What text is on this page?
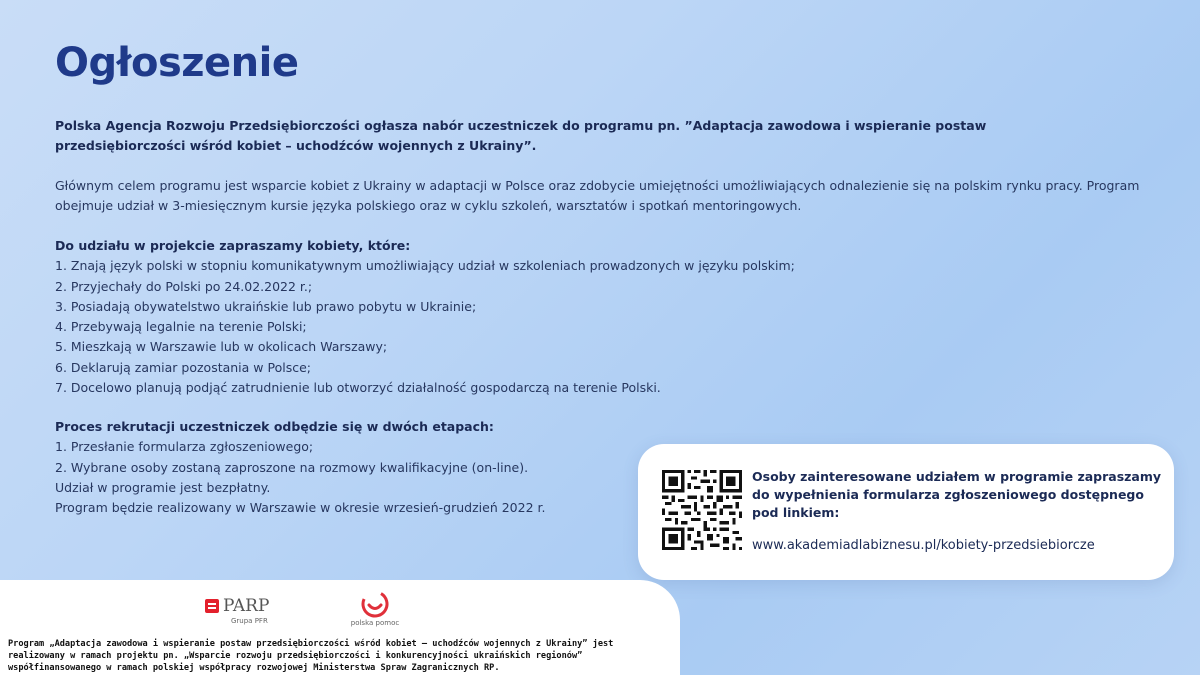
Ogłoszenie

Polska Agencja Rozwoju Przedsiębiorczości ogłasza nabór uczestniczek do programu pn. ”Adaptacja zawodowa i wspieranie postaw przedsiębiorczości wśród kobiet – uchodźców wojennych z Ukrainy”.

Głównym celem programu jest wsparcie kobiet z Ukrainy w adaptacji w Polsce oraz zdobycie umiejętności umożliwiających odnalezienie się na polskim rynku pracy. Program obejmuje udział w 3-miesięcznym kursie języka polskiego oraz w cyklu szkoleń, warsztatów i spotkań mentoringowych.

Do udziału w projekcie zapraszamy kobiety, które:
1. Znają język polski w stopniu komunikatywnym umożliwiający udział w szkoleniach prowadzonych w języku polskim;
2. Przyjechały do Polski po 24.02.2022 r.;
3. Posiadają obywatelstwo ukraińskie lub prawo pobytu w Ukrainie;
4. Przebywają legalnie na terenie Polski;
5. Mieszkają w Warszawie lub w okolicach Warszawy;
6. Deklarują zamiar pozostania w Polsce;
7. Docelowo planują podjąć zatrudnienie lub otworzyć działalność gospodarczą na terenie Polski.
Proces rekrutacji uczestniczek odbędzie się w dwóch etapach:
1. Przesłanie formularza zgłoszeniowego;
2. Wybrane osoby zostaną zaproszone na rozmowy kwalifikacyjne (on-line).
Udział w programie jest bezpłatny.
Program będzie realizowany w Warszawie w okresie wrzesień-grudzień 2022 r.
Osoby zainteresowane udziałem w programie zapraszamy do wypełnienia formularza zgłoszeniowego dostępnego pod linkiem:
www.akademiadlabiznesu.pl/kobiety-przedsiebiorcze
PARP
Grupa PFR	polska pomoc

Program „Adaptacja zawodowa i wspieranie postaw przedsiębiorczości wśród kobiet – uchodźców wojennych z Ukrainy” jest realizowany w ramach projektu pn. „Wsparcie rozwoju przedsiębiorczości i konkurencyjności ukraińskich regionów” współfinansowanego w ramach polskiej współpracy rozwojowej Ministerstwa Spraw Zagranicznych RP.
